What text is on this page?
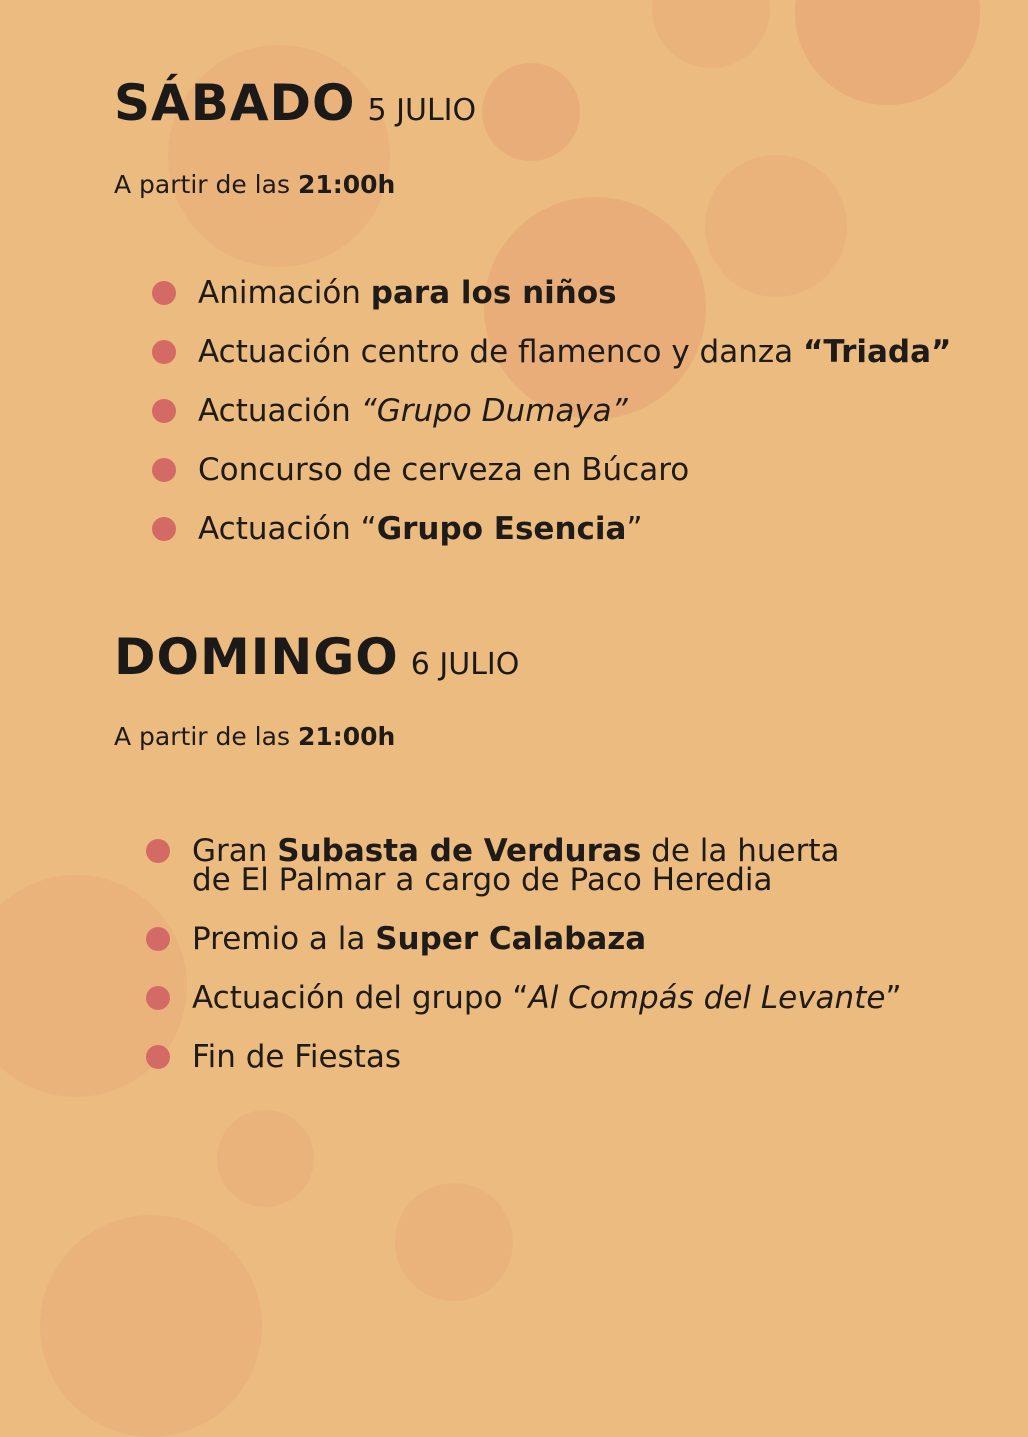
SÁBADO 5 JULIO
A partir de las 21:00h
Animación para los niños
Actuación centro de flamenco y danza “Triada”
Actuación “Grupo Dumaya”
Concurso de cerveza en Búcaro
Actuación “Grupo Esencia”
DOMINGO 6 JULIO
A partir de las 21:00h
Gran Subasta de Verduras de la huerta
de El Palmar a cargo de Paco Heredia
Premio a la Super Calabaza
Actuación del grupo “Al Compás del Levante”
Fin de Fiestas
